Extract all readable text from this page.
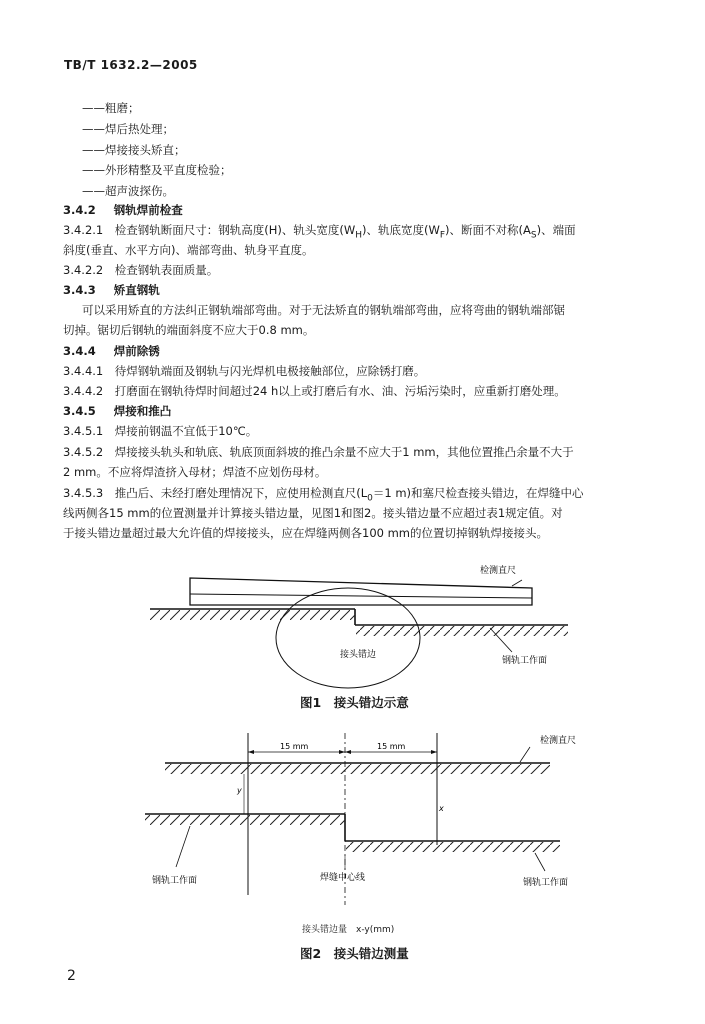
TB/T 1632.2—2005
——粗磨；
——焊后热处理；
——焊接接头矫直；
——外形精整及平直度检验；
——超声波探伤。
3.4.2 钢轨焊前检查
3.4.2.1　检查钢轨断面尺寸：钢轨高度(H)、轨头宽度$(W_H)$、轨底宽度$(W_F)$、断面不对称$(A_S)$、端面
斜度(垂直、水平方向)、端部弯曲、轨身平直度。
3.4.2.2　检查钢轨表面质量。
3.4.3 矫直钢轨
可以采用矫直的方法纠正钢轨端部弯曲。对于无法矫直的钢轨端部弯曲，应将弯曲的钢轨端部锯
切掉。锯切后钢轨的端面斜度不应大于0.8 mm。
3.4.4 焊前除锈
3.4.4.1　待焊钢轨端面及钢轨与闪光焊机电极接触部位，应除锈打磨。
3.4.4.2　打磨面在钢轨待焊时间超过24 h以上或打磨后有水、油、污垢污染时，应重新打磨处理。
3.4.5 焊接和推凸
3.4.5.1　焊接前钢温不宜低于10℃。
3.4.5.2　焊接接头轨头和轨底、轨底顶面斜坡的推凸余量不应大于1 mm，其他位置推凸余量不大于
2 mm。不应将焊渣挤入母材；焊渣不应划伤母材。
3.4.5.3　推凸后、未经打磨处理情况下，应使用检测直尺($L_0=1$ m)和塞尺检查接头错边，在焊缝中心
线两侧各15 mm的位置测量并计算接头错边量，见图1和图2。接头错边量不应超过表1规定值。对
于接头错边量超过最大允许值的焊接接头，应在焊缝两侧各100 mm的位置切掉钢轨焊接接头。
检测直尺
接头错边
钢轨工作面
图1　接头错边示意
15 mm	15 mm
检测直尺
y
x
钢轨工作面	焊缝中心线	钢轨工作面
接头错边量　x-y(mm)
图2　接头错边测量
2
